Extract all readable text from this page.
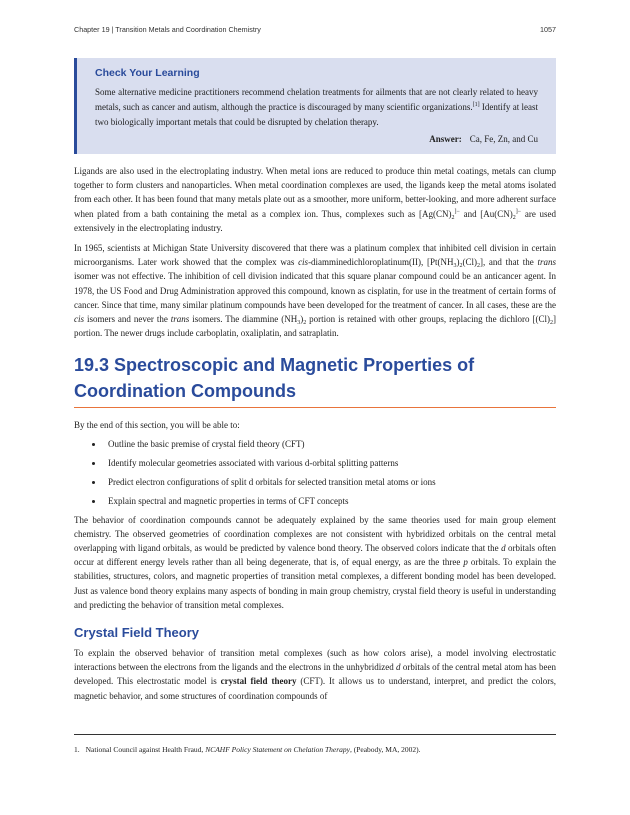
Chapter 19 | Transition Metals and Coordination Chemistry	1057
Check Your Learning
Some alternative medicine practitioners recommend chelation treatments for ailments that are not clearly related to heavy metals, such as cancer and autism, although the practice is discouraged by many scientific organizations.[1] Identify at least two biologically important metals that could be disrupted by chelation therapy.
Answer: Ca, Fe, Zn, and Cu

Ligands are also used in the electroplating industry. When metal ions are reduced to produce thin metal coatings, metals can clump together to form clusters and nanoparticles. When metal coordination complexes are used, the ligands keep the metal atoms isolated from each other. It has been found that many metals plate out as a smoother, more uniform, better-looking, and more adherent surface when plated from a bath containing the metal as a complex ion. Thus, complexes such as [$Ag(CN)_2^{]-}$ and [$Au(CN)_2^{]-}$ are used extensively in the electroplating industry.

In 1965, scientists at Michigan State University discovered that there was a platinum complex that inhibited cell division in certain microorganisms. Later work showed that the complex was cis-diamminedichloroplatinum(II), $[Pt(NH_3)_2(Cl)_2]$, and that the trans isomer was not effective. The inhibition of cell division indicated that this square planar compound could be an anticancer agent. In 1978, the US Food and Drug Administration approved this compound, known as cisplatin, for use in the treatment of certain forms of cancer. Since that time, many similar platinum compounds have been developed for the treatment of cancer. In all cases, these are the cis isomers and never the trans isomers. The diammine $(NH_3)_2$ portion is retained with other groups, replacing the dichloro $[(Cl)_2]$ portion. The newer drugs include carboplatin, oxaliplatin, and satraplatin.

19.3 Spectroscopic and Magnetic Properties of Coordination Compounds

By the end of this section, you will be able to:

• Outline the basic premise of crystal field theory (CFT)
• Identify molecular geometries associated with various d-orbital splitting patterns
• Predict electron configurations of split d orbitals for selected transition metal atoms or ions
• Explain spectral and magnetic properties in terms of CFT concepts

The behavior of coordination compounds cannot be adequately explained by the same theories used for main group element chemistry. The observed geometries of coordination complexes are not consistent with hybridized orbitals on the central metal overlapping with ligand orbitals, as would be predicted by valence bond theory. The observed colors indicate that the d orbitals often occur at different energy levels rather than all being degenerate, that is, of equal energy, as are the three p orbitals. To explain the stabilities, structures, colors, and magnetic properties of transition metal complexes, a different bonding model has been developed. Just as valence bond theory explains many aspects of bonding in main group chemistry, crystal field theory is useful in understanding and predicting the behavior of transition metal complexes.

Crystal Field Theory

To explain the observed behavior of transition metal complexes (such as how colors arise), a model involving electrostatic interactions between the electrons from the ligands and the electrons in the unhybridized d orbitals of the central metal atom has been developed. This electrostatic model is crystal field theory (CFT). It allows us to understand, interpret, and predict the colors, magnetic behavior, and some structures of coordination compounds of

1. National Council against Health Fraud, NCAHF Policy Statement on Chelation Therapy, (Peabody, MA, 2002).
